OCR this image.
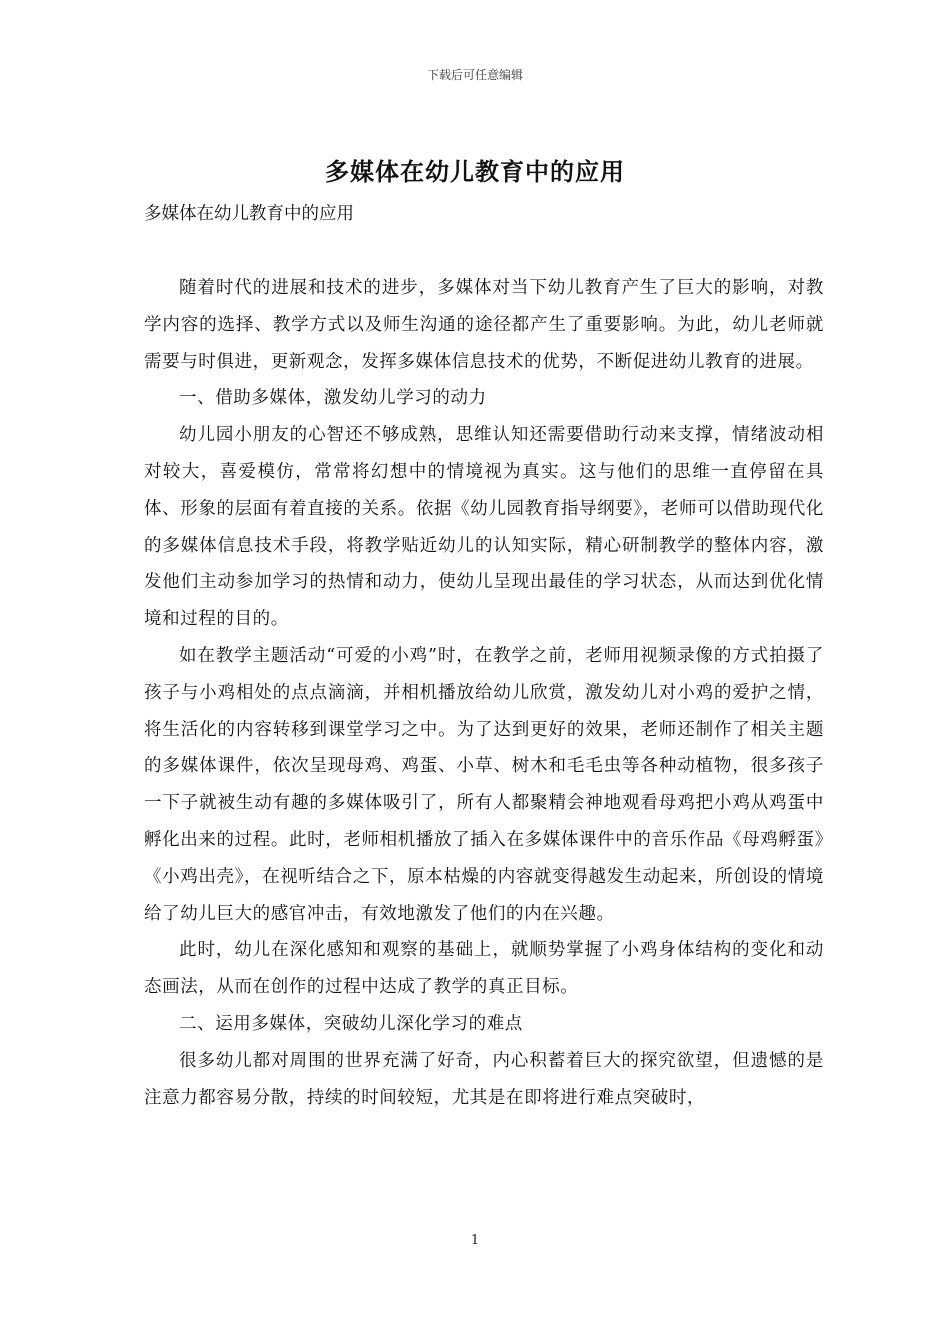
下载后可任意编辑
多媒体在幼儿教育中的应用
多媒体在幼儿教育中的应用

随着时代的进展和技术的进步，多媒体对当下幼儿教育产生了巨大的影响，对教学内容的选择、教学方式以及师生沟通的途径都产生了重要影响。为此，幼儿老师就需要与时俱进，更新观念，发挥多媒体信息技术的优势，不断促进幼儿教育的进展。

一、借助多媒体，激发幼儿学习的动力

幼儿园小朋友的心智还不够成熟，思维认知还需要借助行动来支撑，情绪波动相对较大，喜爱模仿，常常将幻想中的情境视为真实。这与他们的思维一直停留在具体、形象的层面有着直接的关系。依据《幼儿园教育指导纲要》，老师可以借助现代化的多媒体信息技术手段，将教学贴近幼儿的认知实际，精心研制教学的整体内容，激发他们主动参加学习的热情和动力，使幼儿呈现出最佳的学习状态，从而达到优化情境和过程的目的。

如在教学主题活动“可爱的小鸡”时，在教学之前，老师用视频录像的方式拍摄了孩子与小鸡相处的点点滴滴，并相机播放给幼儿欣赏，激发幼儿对小鸡的爱护之情，将生活化的内容转移到课堂学习之中。为了达到更好的效果，老师还制作了相关主题的多媒体课件，依次呈现母鸡、鸡蛋、小草、树木和毛毛虫等各种动植物，很多孩子一下子就被生动有趣的多媒体吸引了，所有人都聚精会神地观看母鸡把小鸡从鸡蛋中孵化出来的过程。此时，老师相机播放了插入在多媒体课件中的音乐作品《母鸡孵蛋》《小鸡出壳》，在视听结合之下，原本枯燥的内容就变得越发生动起来，所创设的情境给了幼儿巨大的感官冲击，有效地激发了他们的内在兴趣。

此时，幼儿在深化感知和观察的基础上，就顺势掌握了小鸡身体结构的变化和动态画法，从而在创作的过程中达成了教学的真正目标。

二、运用多媒体，突破幼儿深化学习的难点

很多幼儿都对周围的世界充满了好奇，内心积蓄着巨大的探究欲望，但遗憾的是注意力都容易分散，持续的时间较短，尤其是在即将进行难点突破时，

1
